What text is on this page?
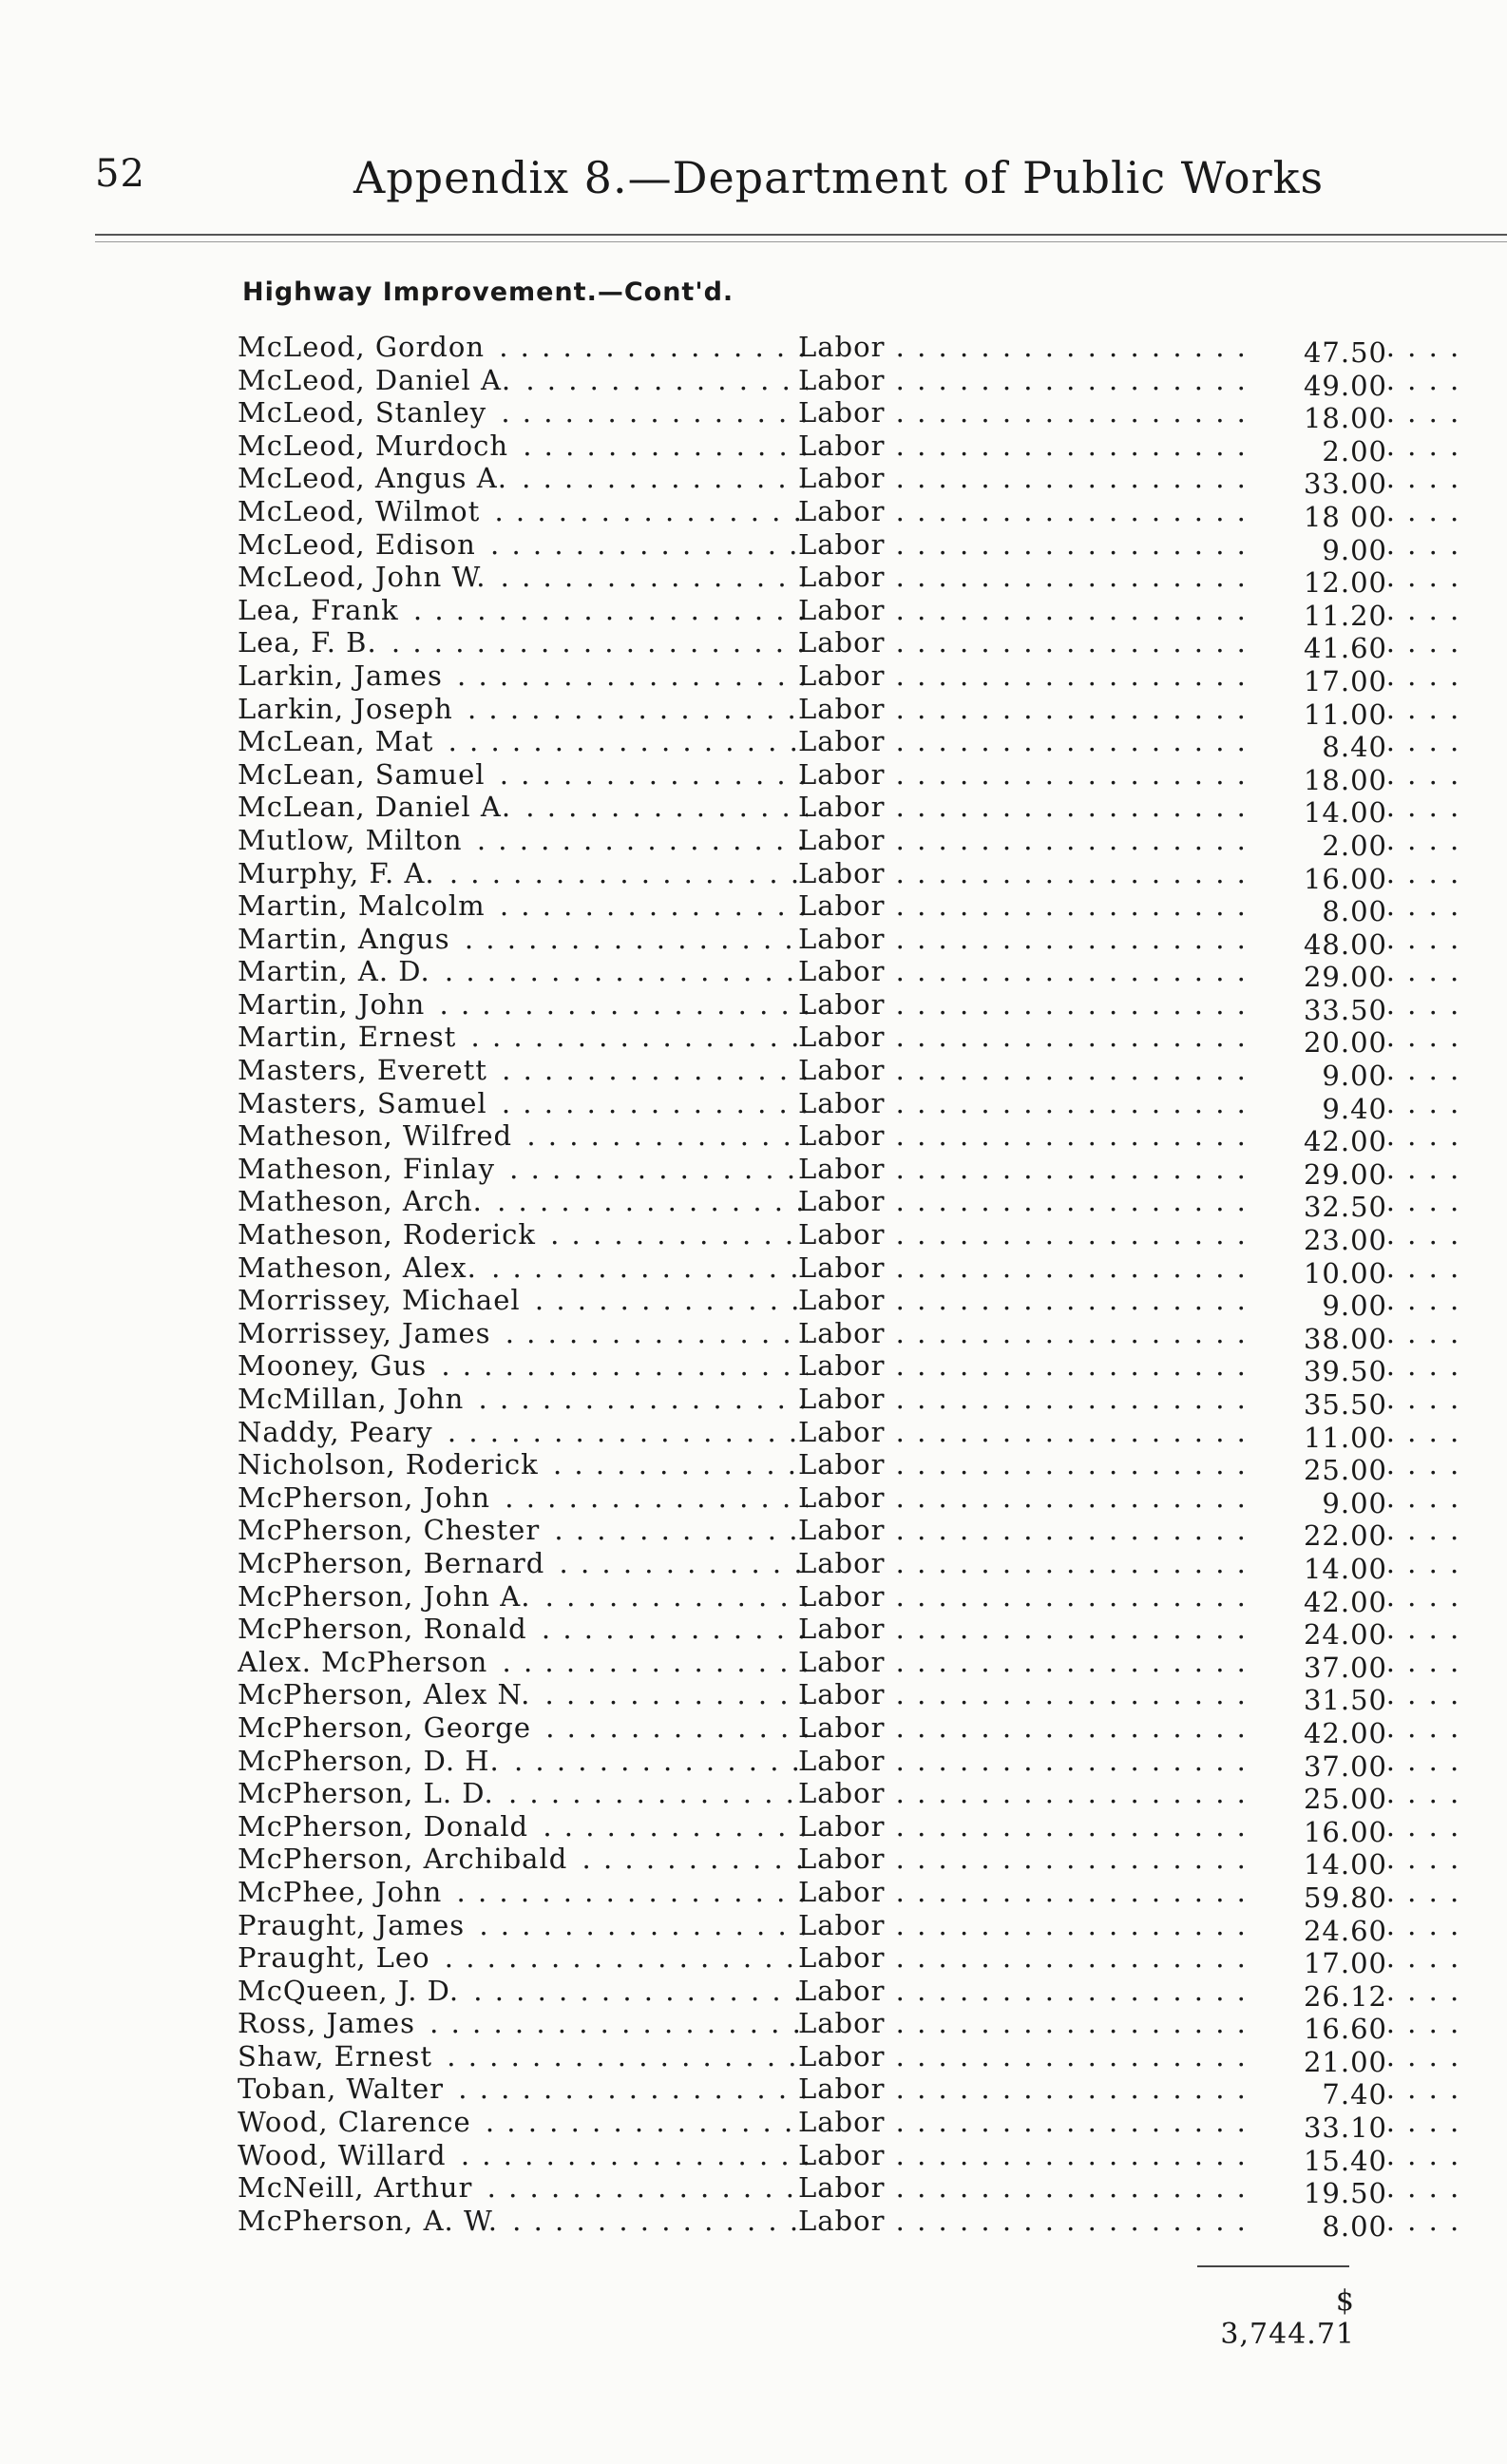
52	Appendix 8.—Department of Public Works
Highway Improvement.—Cont'd.
McLeod, Gordon . . .	Labor . . .	47.50
McLeod, Daniel A. . . .	Labor . . .	49.00
McLeod, Stanley . . .	Labor . . .	18.00
McLeod, Murdoch . . .	Labor . . .	2.00
McLeod, Angus A. . . .	Labor . . .	33.00
McLeod, Wilmot . . .	Labor . . .	18 00
McLeod, Edison . . .	Labor . . .	9.00
McLeod, John W. . . .	Labor . . .	12.00
Lea, Frank . . .	Labor . . .	11.20
Lea, F. B. . . .	Labor . . .	41.60
Larkin, James . . .	Labor . . .	17.00
Larkin, Joseph . . .	Labor . . .	11.00
McLean, Mat . . .	Labor . . .	8.40
McLean, Samuel . . .	Labor . . .	18.00
McLean, Daniel A. . . .	Labor . . .	14.00
Mutlow, Milton . . .	Labor . . .	2.00
Murphy, F. A. . . .	Labor . . .	16.00
Martin, Malcolm . . .	Labor . . .	8.00
Martin, Angus . . .	Labor . . .	48.00
Martin, A. D. . . .	Labor . . .	29.00
Martin, John . . .	Labor . . .	33.50
Martin, Ernest . . .	Labor . . .	20.00
Masters, Everett . . .	Labor . . .	9.00
Masters, Samuel . . .	Labor . . .	9.40
Matheson, Wilfred . . .	Labor . . .	42.00
Matheson, Finlay . . .	Labor . . .	29.00
Matheson, Arch. . . .	Labor . . .	32.50
Matheson, Roderick . . .	Labor . . .	23.00
Matheson, Alex. . . .	Labor . . .	10.00
Morrissey, Michael . . .	Labor . . .	9.00
Morrissey, James . . .	Labor . . .	38.00
Mooney, Gus . . .	Labor . . .	39.50
McMillan, John . . .	Labor . . .	35.50
Naddy, Peary . . .	Labor . . .	11.00
Nicholson, Roderick . . .	Labor . . .	25.00
McPherson, John . . .	Labor . . .	9.00
McPherson, Chester . . .	Labor . . .	22.00
McPherson, Bernard . . .	Labor . . .	14.00
McPherson, John A. . . .	Labor . . .	42.00
McPherson, Ronald . . .	Labor . . .	24.00
Alex. McPherson . . .	Labor . . .	37.00
McPherson, Alex N. . . .	Labor . . .	31.50
McPherson, George . . .	Labor . . .	42.00
McPherson, D. H. . . .	Labor . . .	37.00
McPherson, L. D. . . .	Labor . . .	25.00
McPherson, Donald . . .	Labor . . .	16.00
McPherson, Archibald . . .	Labor . . .	14.00
McPhee, John . . .	Labor . . .	59.80
Praught, James . . .	Labor . . .	24.60
Praught, Leo . . .	Labor . . .	17.00
McQueen, J. D. . . .	Labor . . .	26.12
Ross, James . . .	Labor . . .	16.60
Shaw, Ernest . . .	Labor . . .	21.00
Toban, Walter . . .	Labor . . .	7.40
Wood, Clarence . . .	Labor . . .	33.10
Wood, Willard . . .	Labor . . .	15.40
McNeill, Arthur . . .	Labor . . .	19.50
McPherson, A. W. . . .	Labor . . .	8.00
$ 3,744.71
